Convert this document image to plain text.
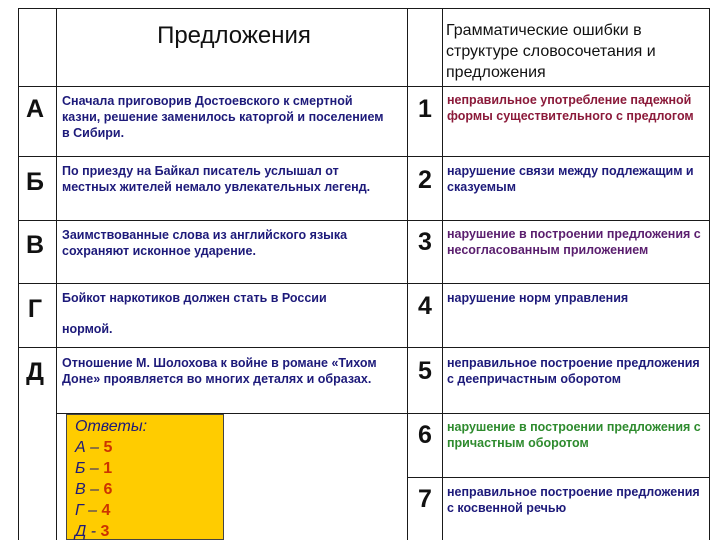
Предложения	Грамматические ошибки в структуре словосочетания и предложения
А
Б
В
Г
Д
Сначала приговорив Достоевского к смертной казни, решение заменилось каторгой и поселением в Сибири.
По приезду на Байкал писатель услышал от местных жителей немало увлекательных легенд.
Заимствованные слова из английского языка сохраняют исконное ударение.
Бойкот наркотиков должен стать в России
нормой.
Отношение М. Шолохова к войне в романе «Тихом Доне» проявляется во многих деталях и образах.
1
2
3
4
5
6
7
неправильное употребление падежной формы существительного с предлогом
нарушение связи между подлежащим и сказуемым
нарушение в построении предложения с несогласованным приложением
нарушение норм управления
неправильное построение предложения с деепричастным оборотом
нарушение в построении предложения с причастным оборотом
неправильное построение предложения с косвенной речью
Ответы:
А – 5
Б – 1
В – 6
Г – 4
Д - 3
